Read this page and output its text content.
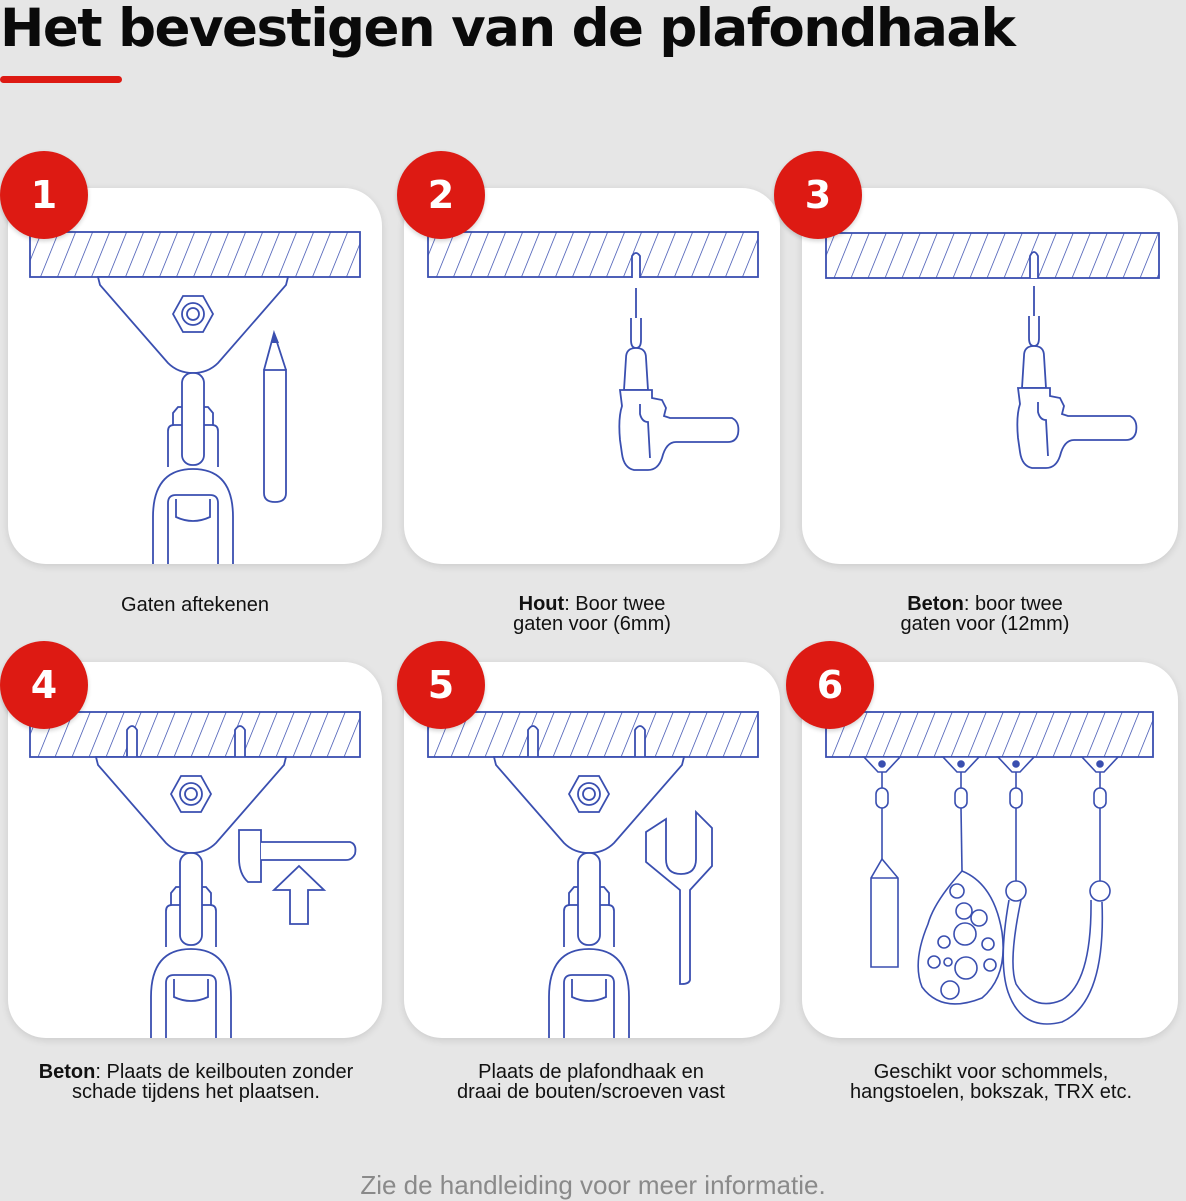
Het bevestigen van de plafondhaak
1
Gaten aftekenen
2
Hout: Boor twee gaten voor (6mm)
3
Beton: boor twee gaten voor (12mm)
4
Beton: Plaats de keilbouten zonder schade tijdens het plaatsen.
5
Plaats de plafondhaak en draai de bouten/scroeven vast
6
Geschikt voor schommels, hangstoelen, bokszak, TRX etc.
Zie de handleiding voor meer informatie.
